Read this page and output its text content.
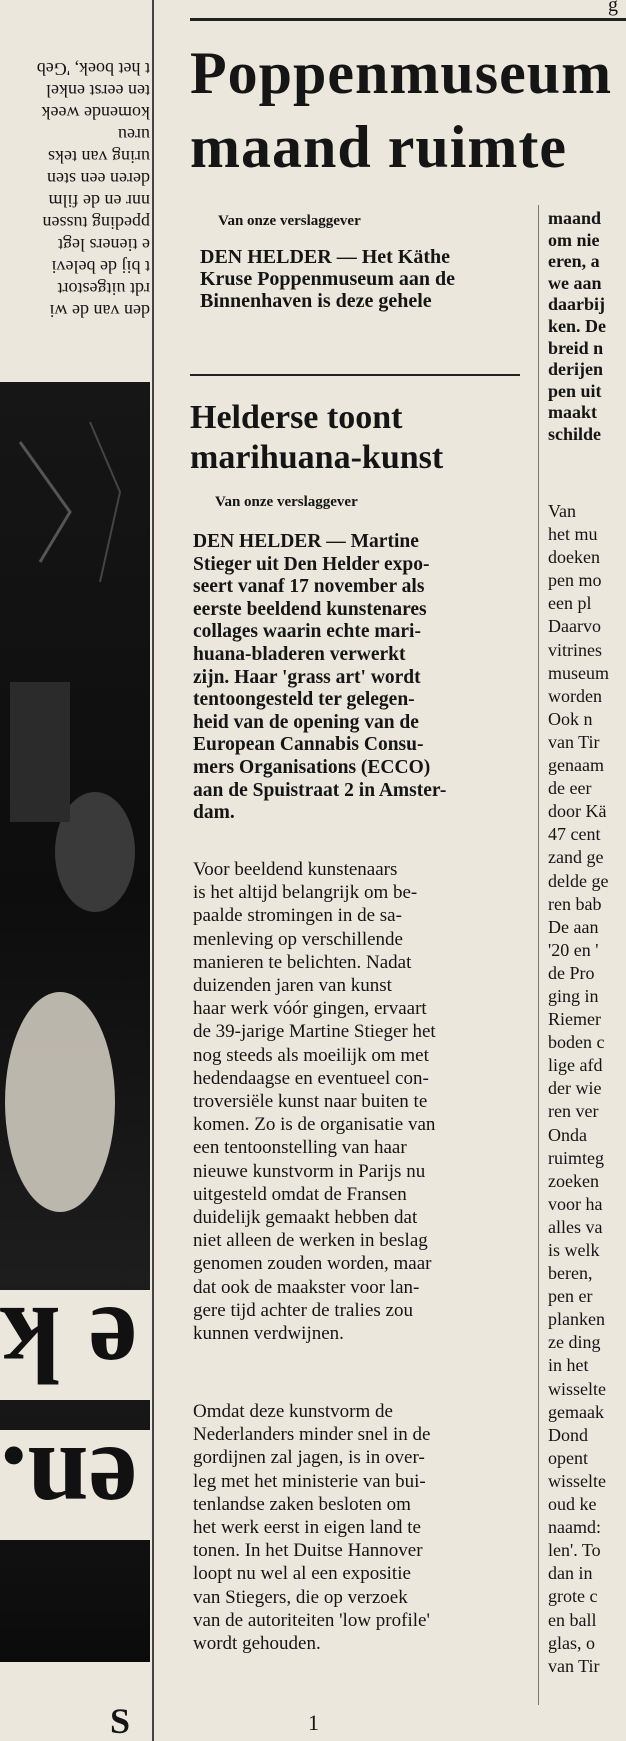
den van de wi
rdt uitgestort
t bij de belevi
e tieners legt
ppeding tussen
nnr en de film
deren een sten
uring van teks
ureu
komende week
ten eerst enkel
t het boek, 'Geb
e k
en.
S
g
Poppenmuseum
maand ruimte
Van onze verslaggever
DEN HELDER — Het Käthe
Kruse Poppenmuseum aan de
Binnenhaven is deze gehele
Helderse toont
marihuana-kunst
Van onze verslaggever
DEN HELDER — Martine
Stieger uit Den Helder expo-
seert vanaf 17 november als
eerste beeldend kunstenares
collages waarin echte mari-
huana-bladeren verwerkt
zijn. Haar 'grass art' wordt
tentoongesteld ter gelegen-
heid van de opening van de
European Cannabis Consu-
mers Organisations (ECCO)
aan de Spuistraat 2 in Amster-
dam.
Voor beeldend kunstenaars
is het altijd belangrijk om be-
paalde stromingen in de sa-
menleving op verschillende
manieren te belichten. Nadat
duizenden jaren van kunst
haar werk vóór gingen, ervaart
de 39-jarige Martine Stieger het
nog steeds als moeilijk om met
hedendaagse en eventueel con-
troversiële kunst naar buiten te
komen. Zo is de organisatie van
een tentoonstelling van haar
nieuwe kunstvorm in Parijs nu
uitgesteld omdat de Fransen
duidelijk gemaakt hebben dat
niet alleen de werken in beslag
genomen zouden worden, maar
dat ook de maakster voor lan-
gere tijd achter de tralies zou
kunnen verdwijnen.
Omdat deze kunstvorm de
Nederlanders minder snel in de
gordijnen zal jagen, is in over-
leg met het ministerie van bui-
tenlandse zaken besloten om
het werk eerst in eigen land te
tonen. In het Duitse Hannover
loopt nu wel al een expositie
van Stiegers, die op verzoek
van de autoriteiten 'low profile'
wordt gehouden.
1
maand
om nie
eren, a
we aan
daarbij
ken. De
breid n
derijen
pen uit
maakt
schilde
Van
het mu
doeken
pen mo
een pl
Daarvo
vitrines
museum
worden
Ook n
van Tir
genaam
de eer
door Kä
47 cent
zand ge
delde ge
ren bab
De aan
'20 en '
de Pro
ging in
Riemer
boden c
lige afd
der wie
ren ver
Onda
ruimteg
zoeken
voor ha
alles va
is welk
beren,
pen er
planken
ze ding
in het
wisselte
gemaak
Dond
opent
wisselte
oud ke
naamd:
len'. To
dan in
grote c
en ball
glas, o
van Tir
